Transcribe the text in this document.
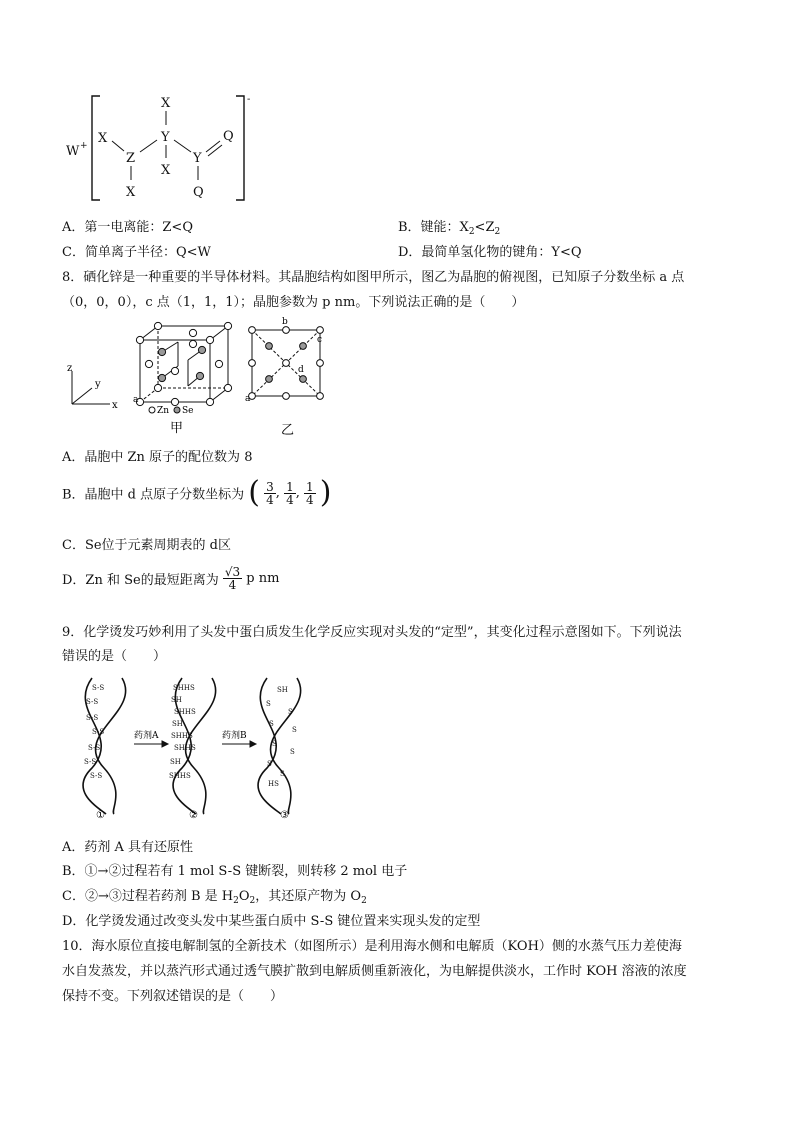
W +
-
X
Y
X
Z
X
X
Y
Q
Q
A．第一电离能：Z<Q	B．键能：$X_2<Z_2$
C．简单离子半径：Q<W	D．最简单氢化物的键角：Y<Q
8．硒化锌是一种重要的半导体材料。其晶胞结构如图甲所示，图乙为晶胞的俯视图，已知原子分数坐标 a 点
（0，0，0），c 点（1，1，1）；晶胞参数为 p nm。下列说法正确的是（　　）
z
y
x a
Zn Se
甲
b
c
d
a
乙
A．晶胞中 Zn 原子的配位数为 8
B．晶胞中 d 点原子分数坐标为 ( $\frac{3}{4}$ , $\frac{1}{4}$ , $\frac{1}{4}$ )
C．Se位于元素周期表的 d区
D．Zn 和 Se的最短距离为 $\frac{√3}{4}$ p nm
9．化学烫发巧妙利用了头发中蛋白质发生化学反应实现对头发的“定型”，其变化过程示意图如下。下列说法
错误的是（　　）
S-S
S-S
S-S
S-S
S-S
S-S
S-S
SHHS
SH
SHHS
SH
SHHS
SHHS
SH
SHHS
SH
S
S
S
S
S
S
S
S
HS
药剂A	药剂B
①	②	③
A．药剂 A 具有还原性
B．①→②过程若有 1 mol S-S 键断裂，则转移 2 mol 电子
C．②→③过程若药剂 B 是 $H_2O_2$，其还原产物为 $O_2$
D．化学烫发通过改变头发中某些蛋白质中 S-S 键位置来实现头发的定型
10．海水原位直接电解制氢的全新技术（如图所示）是利用海水侧和电解质（KOH）侧的水蒸气压力差使海
水自发蒸发，并以蒸汽形式通过透气膜扩散到电解质侧重新液化，为电解提供淡水，工作时 KOH 溶液的浓度
保持不变。下列叙述错误的是（　　）
